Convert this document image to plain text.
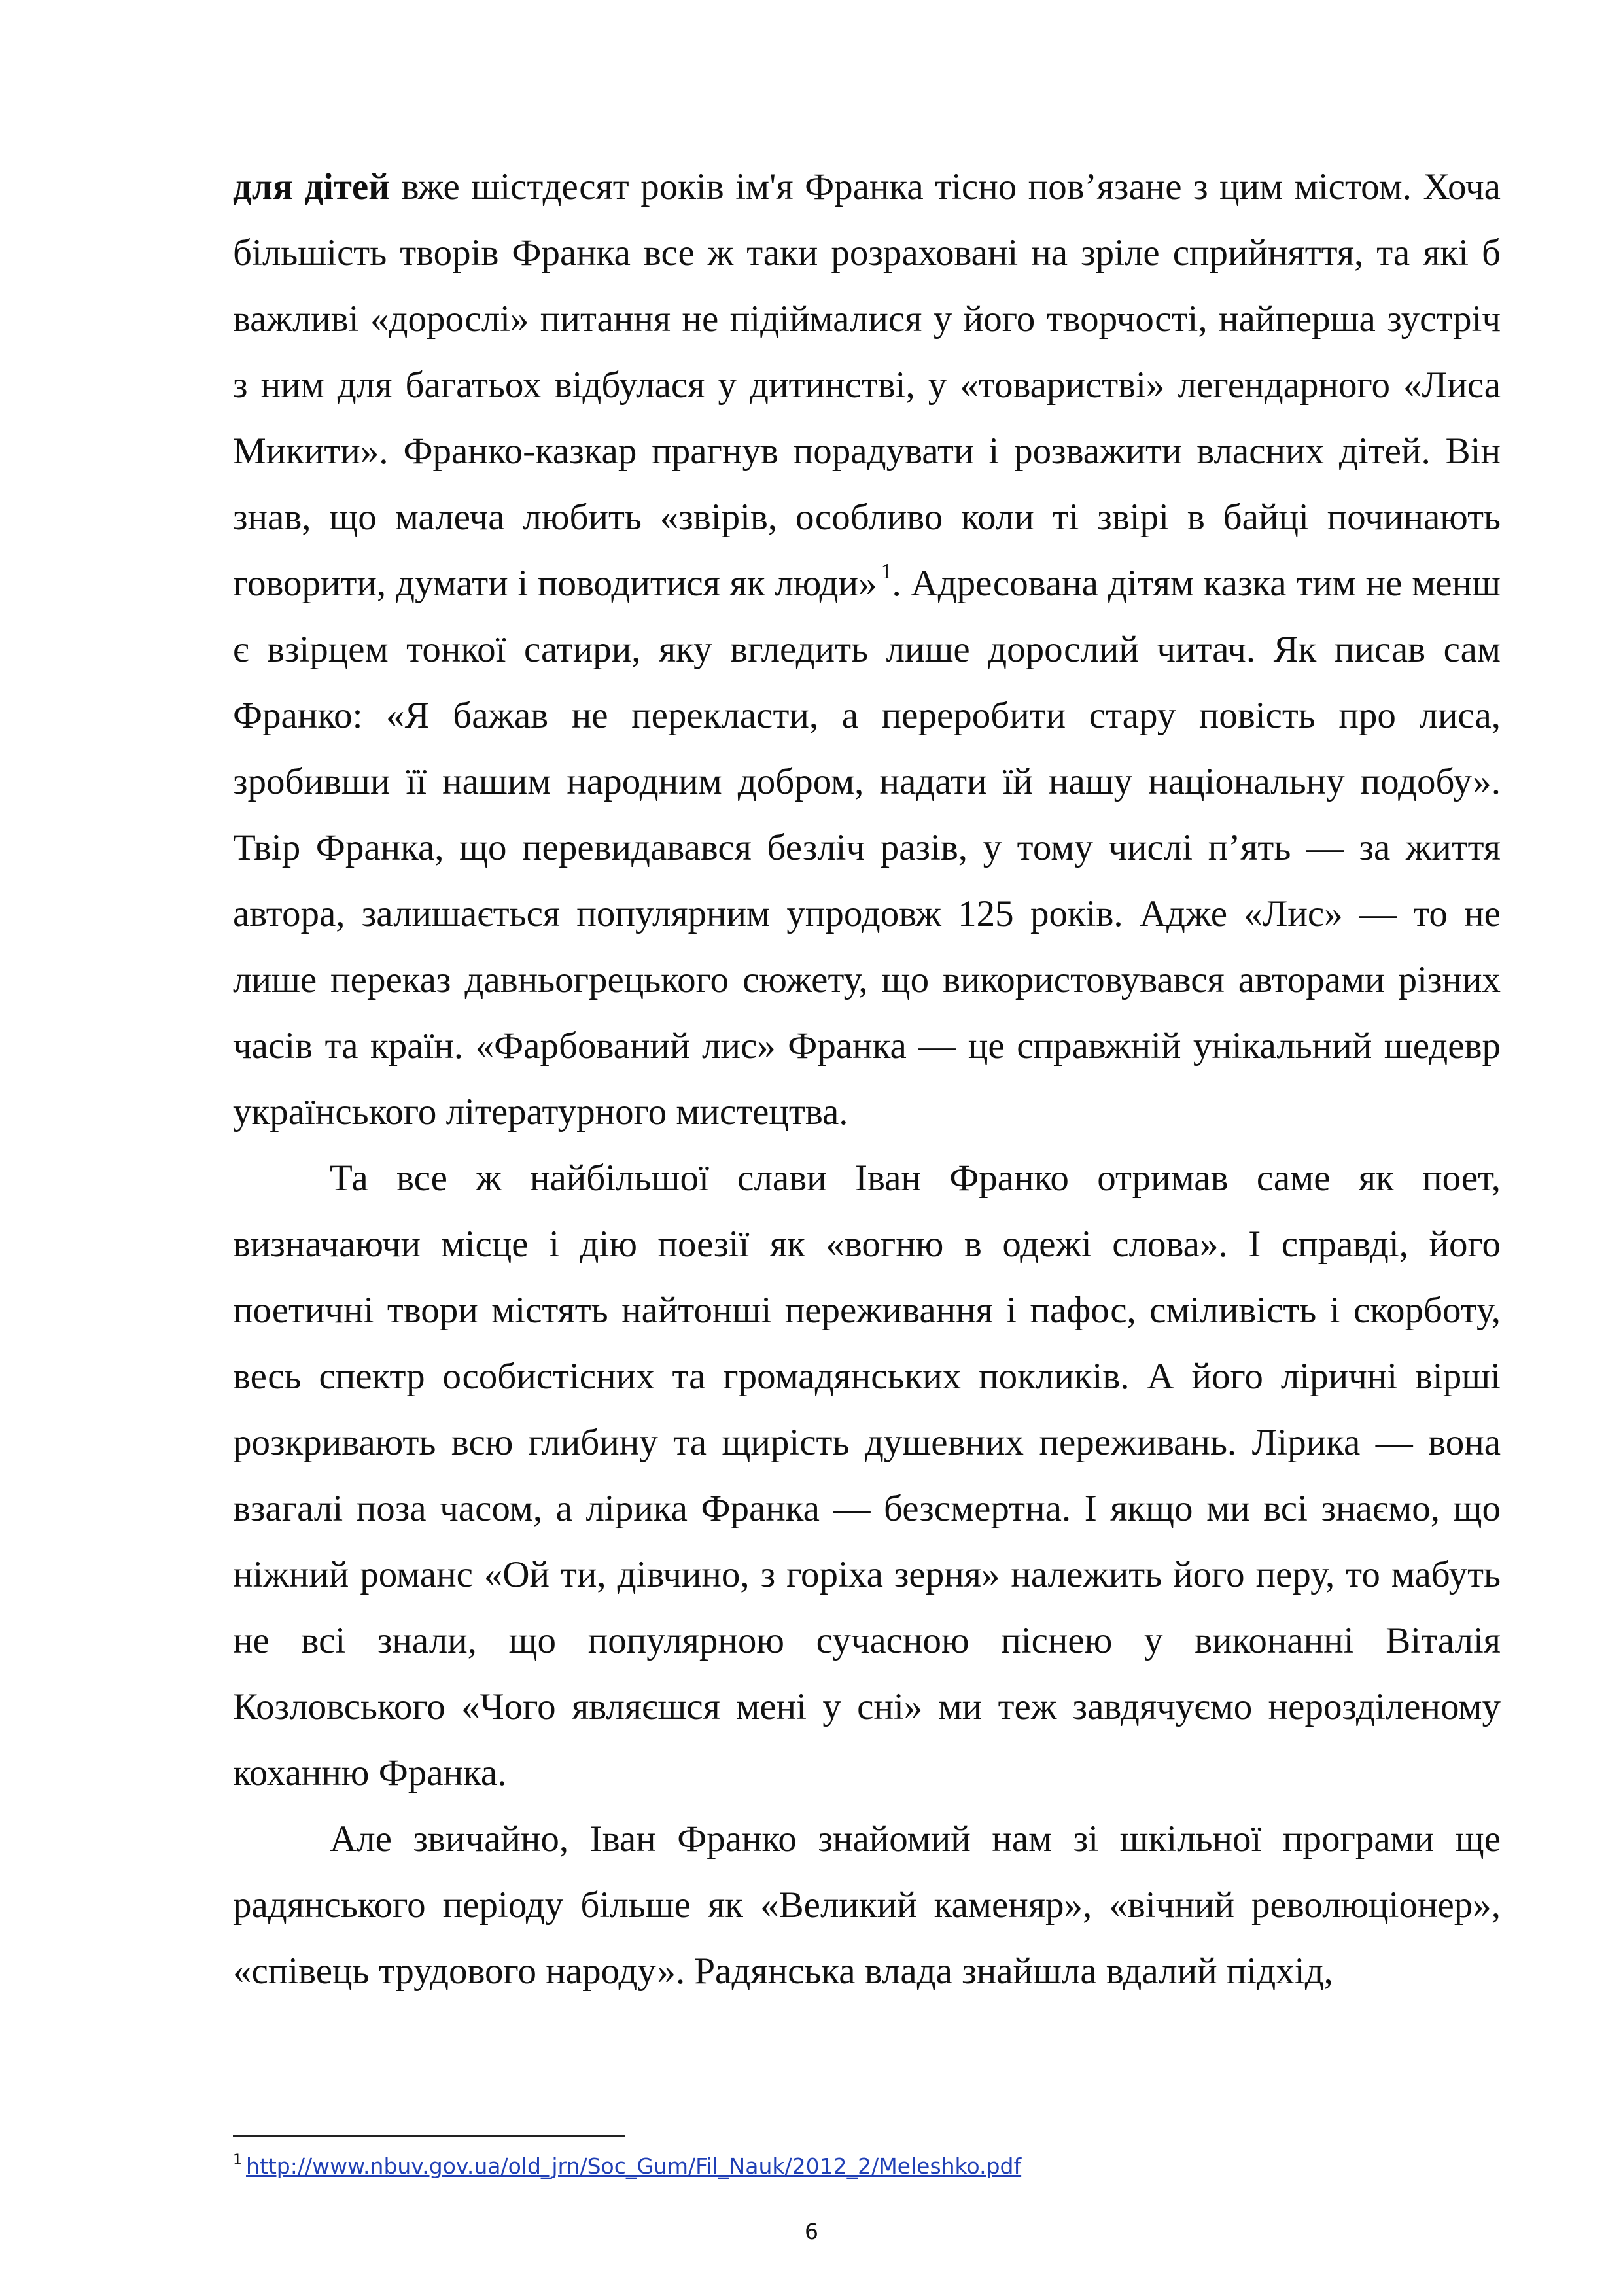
для дітей вже шістдесят років ім'я Франка тісно пов’язане з цим містом. Хоча більшість творів Франка все ж таки розраховані на зріле сприйняття, та які б важливі «дорослі» питання не підіймалися у його творчості, найперша зустріч з ним для багатьох відбулася у дитинстві, у «товаристві» легендарного «Лиса Микити». Франко-казкар прагнув порадувати і розважити власних дітей. Він знав, що малеча любить «звірів, особливо коли ті звірі в байці починають говорити, думати і поводитися як люди» $^1$. Адресована дітям казка тим не менш є взірцем тонкої сатири, яку вгледить лише дорослий читач. Як писав сам Франко: «Я бажав не перекласти, а переробити стару повість про лиса, зробивши її нашим народним добром, надати їй нашу національну подобу». Твір Франка, що перевидавався безліч разів, у тому числі п’ять — за життя автора, залишається популярним упродовж 125 років. Адже «Лис» — то не лише переказ давньогрецького сюжету, що використовувався авторами різних часів та країн. «Фарбований лис» Франка — це справжній унікальний шедевр українського літературного мистецтва.

Та все ж найбільшої слави Іван Франко отримав саме як поет, визначаючи місце і дію поезії як «вогню в одежі слова». І справді, його поетичні твори містять найтонші переживання і пафос, сміливість і скорботу, весь спектр особистісних та громадянських покликів. А його ліричні вірші розкривають всю глибину та щирість душевних переживань. Лірика — вона взагалі поза часом, а лірика Франка — безсмертна. І якщо ми всі знаємо, що ніжний романс «Ой ти, дівчино, з горіха зерня» належить його перу, то мабуть не всі знали, що популярною сучасною піснею у виконанні Віталія Козловського «Чого являєшся мені у сні» ми теж завдячуємо нерозділеному коханню Франка.

Але звичайно, Іван Франко знайомий нам зі шкільної програми ще радянського періоду більше як «Великий каменяр», «вічний революціонер», «співець трудового народу». Радянська влада знайшла вдалий підхід,

$^1$ http://www.nbuv.gov.ua/old_jrn/Soc_Gum/Fil_Nauk/2012_2/Meleshko.pdf
6
